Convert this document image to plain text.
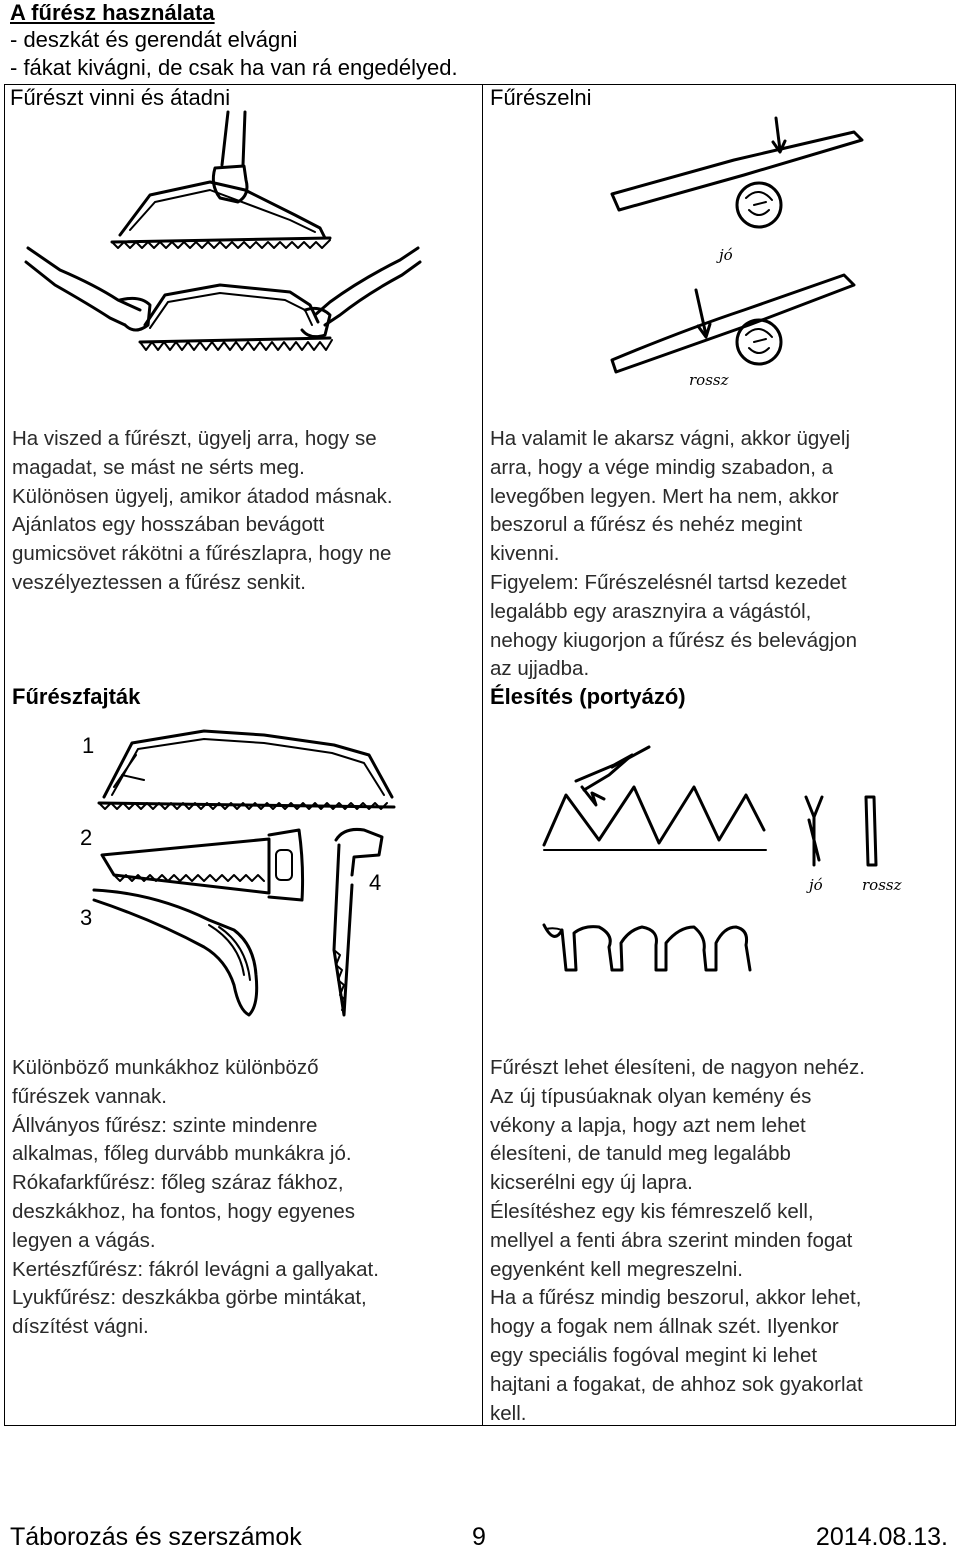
A fűrész használata
- deszkát és gerendát elvágni
- fákat kivágni, de csak ha van rá engedélyed.
Fűrészt vinni és átadni	Fűrészelni
jó
rossz
Ha viszed a fűrészt, ügyelj arra, hogy se
magadat, se mást ne sérts meg.
Különösen ügyelj, amikor átadod másnak.
Ajánlatos egy hosszában bevágott
gumicsövet rákötni a fűrészlapra, hogy ne
veszélyeztessen a fűrész senkit.
Ha valamit le akarsz vágni, akkor ügyelj
arra, hogy a vége mindig szabadon, a
levegőben legyen. Mert ha nem, akkor
beszorul a fűrész és nehéz megint
kivenni.
Figyelem: Fűrészelésnél tartsd kezedet
legalább egy arasznyira a vágástól,
nehogy kiugorjon a fűrész és belevágjon
az ujjadba.
Fűrészfajták	Élesítés (portyázó)
1
2
3
4	jó	rossz
Különböző munkákhoz különböző
fűrészek vannak.
Állványos fűrész: szinte mindenre
alkalmas, főleg durvább munkákra jó.
Rókafarkfűrész: főleg száraz fákhoz,
deszkákhoz, ha fontos, hogy egyenes
legyen a vágás.
Kertészfűrész: fákról levágni a gallyakat.
Lyukfűrész: deszkákba görbe mintákat,
díszítést vágni.
Fűrészt lehet élesíteni, de nagyon nehéz.
Az új típusúaknak olyan kemény és
vékony a lapja, hogy azt nem lehet
élesíteni, de tanuld meg legalább
kicserélni egy új lapra.
Élesítéshez egy kis fémreszelő kell,
mellyel a fenti ábra szerint minden fogat
egyenként kell megreszelni.
Ha a fűrész mindig beszorul, akkor lehet,
hogy a fogak nem állnak szét. Ilyenkor
egy speciális fogóval megint ki lehet
hajtani a fogakat, de ahhoz sok gyakorlat
kell.
Táborozás és szerszámok	9	2014.08.13.
